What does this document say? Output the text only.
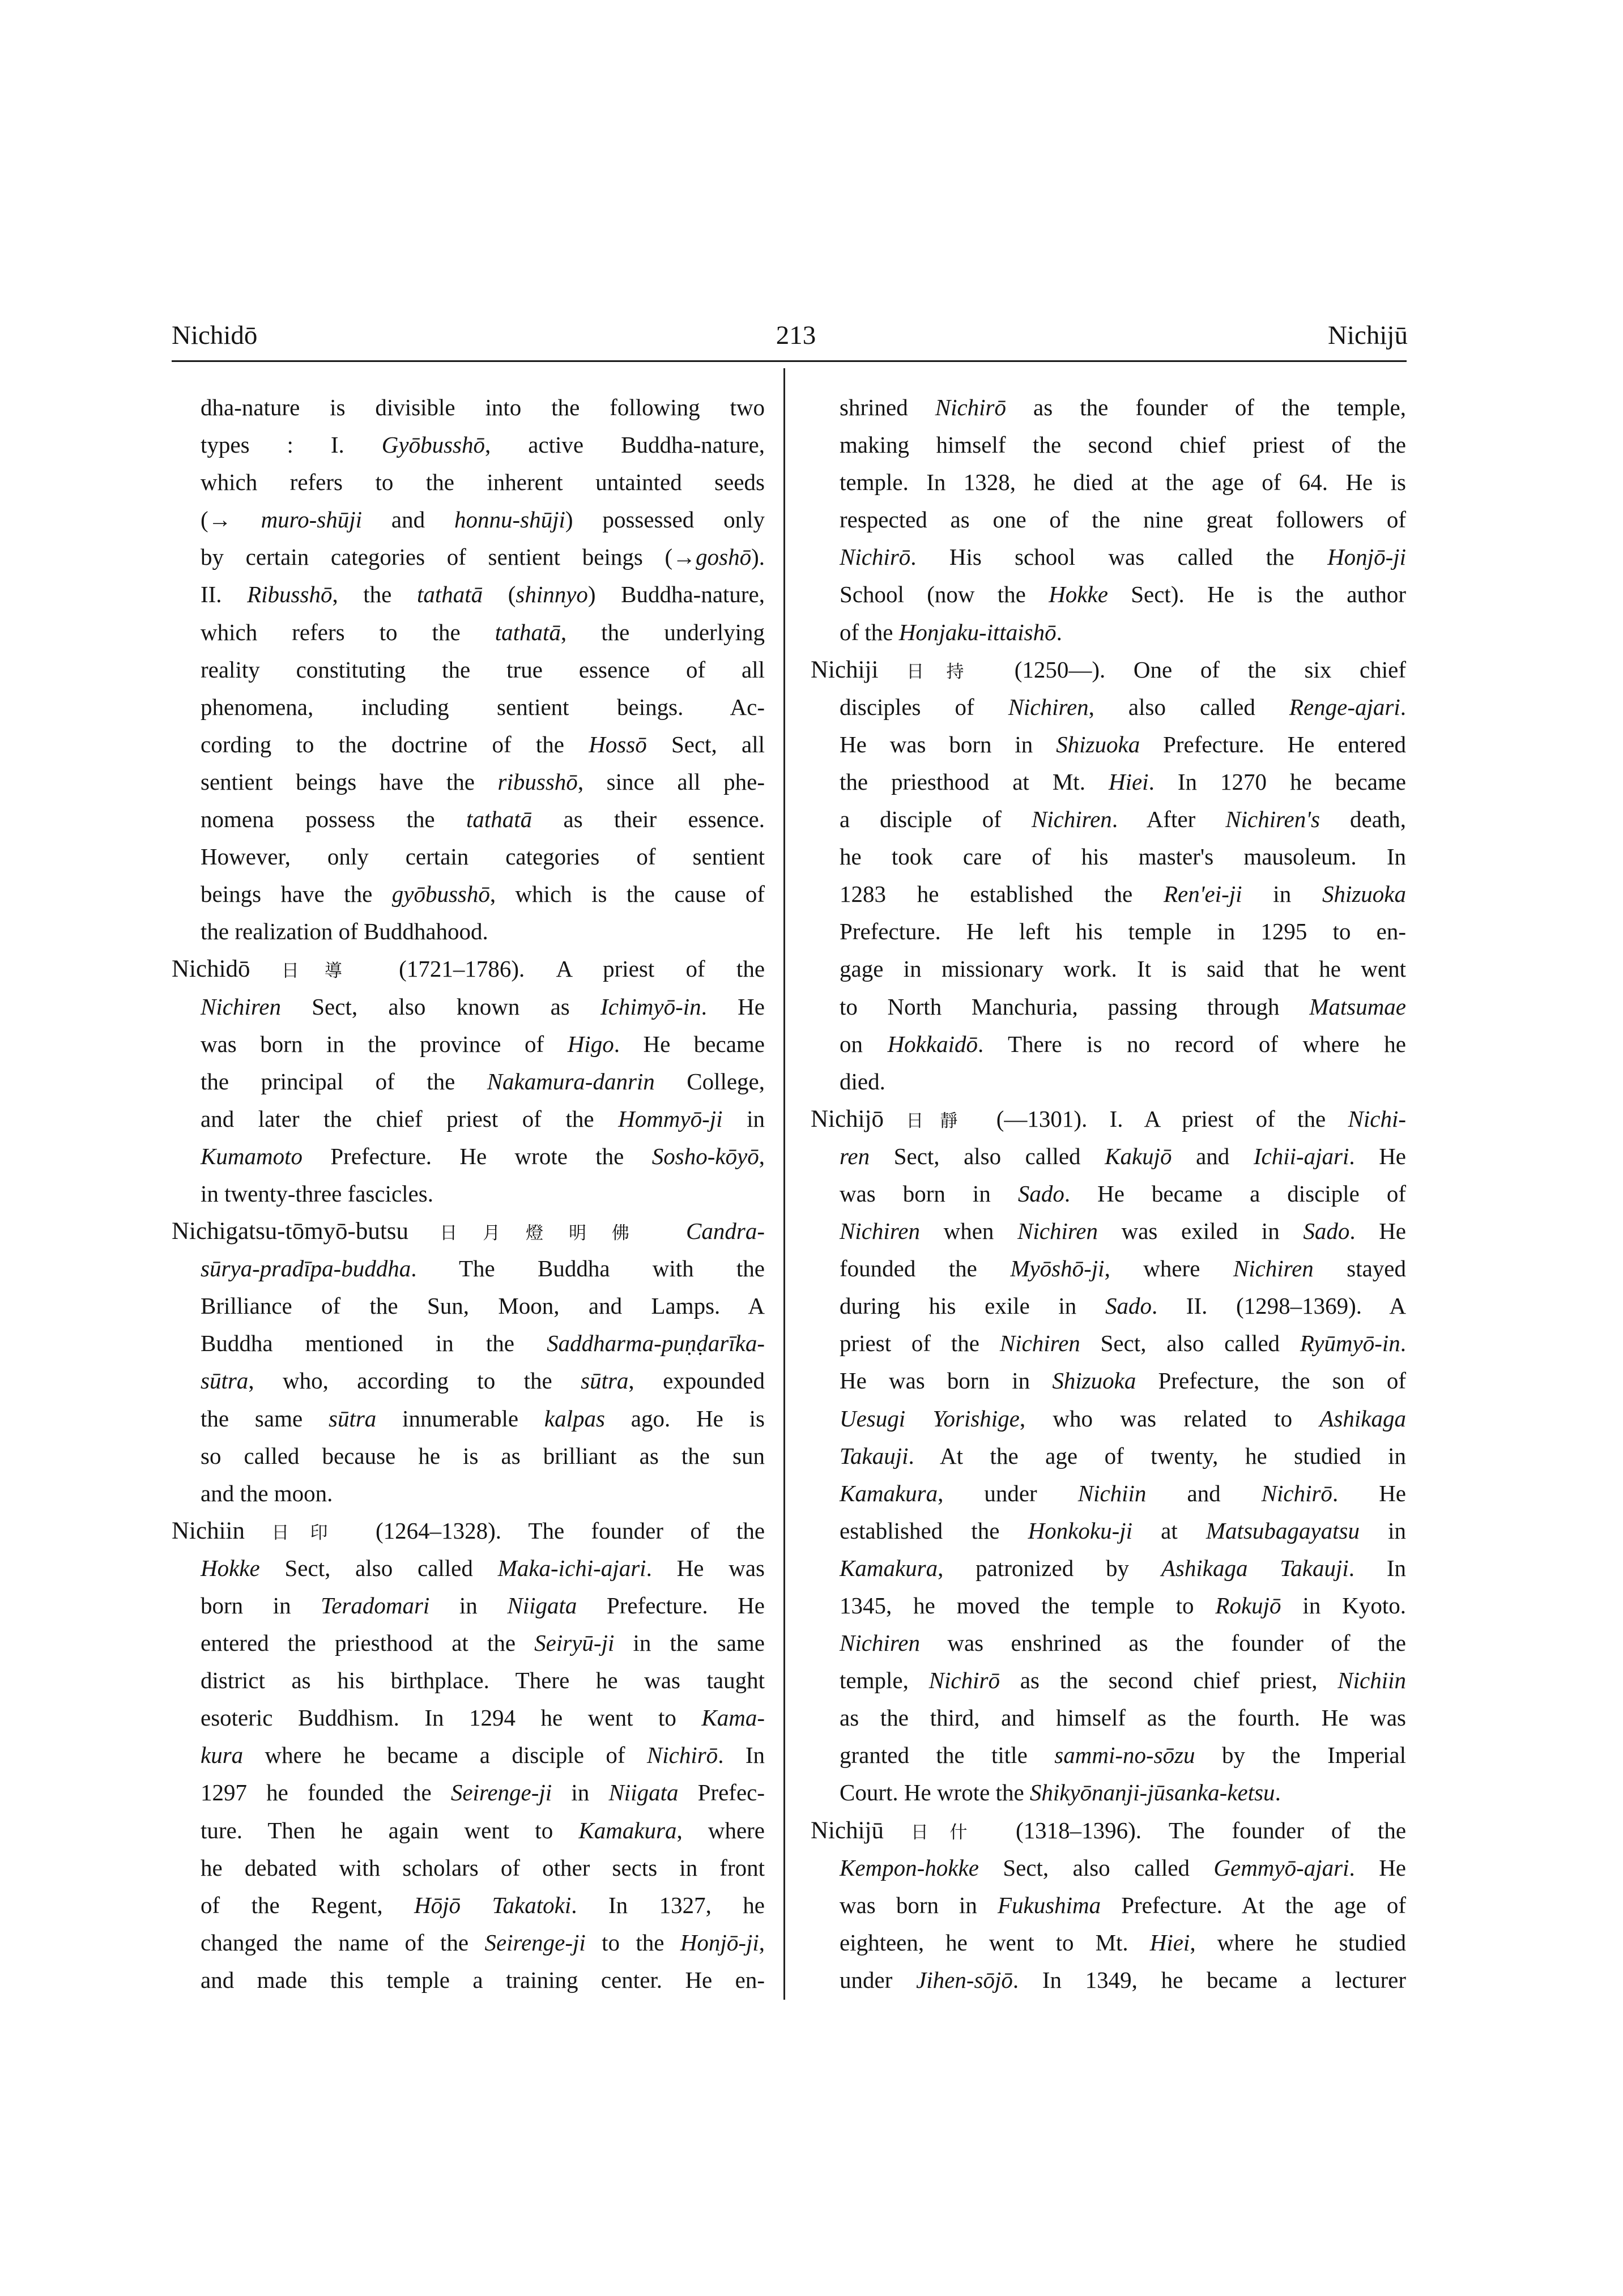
Nichidō	213	Nichijū
dha-nature is divisible into the following two
types : I. Gyōbusshō, active Buddha-nature,
which refers to the inherent untainted seeds
(→ muro-shūji and honnu-shūji) possessed only
by certain categories of sentient beings (→goshō).
II. Ribusshō, the tathatā (shinnyo) Buddha-nature,
which refers to the tathatā, the underlying
reality constituting the true essence of all
phenomena, including sentient beings. Ac-
cording to the doctrine of the Hossō Sect, all
sentient beings have the ribusshō, since all phe-
nomena possess the tathatā as their essence.
However, only certain categories of sentient
beings have the gyōbusshō, which is the cause of
the realization of Buddhahood.
Nichidō 日導 (1721–1786). A priest of the
Nichiren Sect, also known as Ichimyō-in. He
was born in the province of Higo. He became
the principal of the Nakamura-danrin College,
and later the chief priest of the Hommyō-ji in
Kumamoto Prefecture. He wrote the Sosho-kōyō,
in twenty-three fascicles.
Nichigatsu-tōmyō-butsu 日月燈明佛 Candra-
sūrya-pradīpa-buddha. The Buddha with the
Brilliance of the Sun, Moon, and Lamps. A
Buddha mentioned in the Saddharma-puṇḍarīka-
sūtra, who, according to the sūtra, expounded
the same sūtra innumerable kalpas ago. He is
so called because he is as brilliant as the sun
and the moon.
Nichiin 日印 (1264–1328). The founder of the
Hokke Sect, also called Maka-ichi-ajari. He was
born in Teradomari in Niigata Prefecture. He
entered the priesthood at the Seiryū-ji in the same
district as his birthplace. There he was taught
esoteric Buddhism. In 1294 he went to Kama-
kura where he became a disciple of Nichirō. In
1297 he founded the Seirenge-ji in Niigata Prefec-
ture. Then he again went to Kamakura, where
he debated with scholars of other sects in front
of the Regent, Hōjō Takatoki. In 1327, he
changed the name of the Seirenge-ji to the Honjō-ji,
and made this temple a training center. He en-
shrined Nichirō as the founder of the temple,
making himself the second chief priest of the
temple. In 1328, he died at the age of 64. He is
respected as one of the nine great followers of
Nichirō. His school was called the Honjō-ji
School (now the Hokke Sect). He is the author
of the Honjaku-ittaishō.
Nichiji 日持 (1250—). One of the six chief
disciples of Nichiren, also called Renge-ajari.
He was born in Shizuoka Prefecture. He entered
the priesthood at Mt. Hiei. In 1270 he became
a disciple of Nichiren. After Nichiren's death,
he took care of his master's mausoleum. In
1283 he established the Ren'ei-ji in Shizuoka
Prefecture. He left his temple in 1295 to en-
gage in missionary work. It is said that he went
to North Manchuria, passing through Matsumae
on Hokkaidō. There is no record of where he
died.
Nichijō 日靜 (—1301). I. A priest of the Nichi-
ren Sect, also called Kakujō and Ichii-ajari. He
was born in Sado. He became a disciple of
Nichiren when Nichiren was exiled in Sado. He
founded the Myōshō-ji, where Nichiren stayed
during his exile in Sado. II. (1298–1369). A
priest of the Nichiren Sect, also called Ryūmyō-in.
He was born in Shizuoka Prefecture, the son of
Uesugi Yorishige, who was related to Ashikaga
Takauji. At the age of twenty, he studied in
Kamakura, under Nichiin and Nichirō. He
established the Honkoku-ji at Matsubagayatsu in
Kamakura, patronized by Ashikaga Takauji. In
1345, he moved the temple to Rokujō in Kyoto.
Nichiren was enshrined as the founder of the
temple, Nichirō as the second chief priest, Nichiin
as the third, and himself as the fourth. He was
granted the title sammi-no-sōzu by the Imperial
Court. He wrote the Shikyōnanji-jūsanka-ketsu.
Nichijū 日什 (1318–1396). The founder of the
Kempon-hokke Sect, also called Gemmyō-ajari. He
was born in Fukushima Prefecture. At the age of
eighteen, he went to Mt. Hiei, where he studied
under Jihen-sōjō. In 1349, he became a lecturer
